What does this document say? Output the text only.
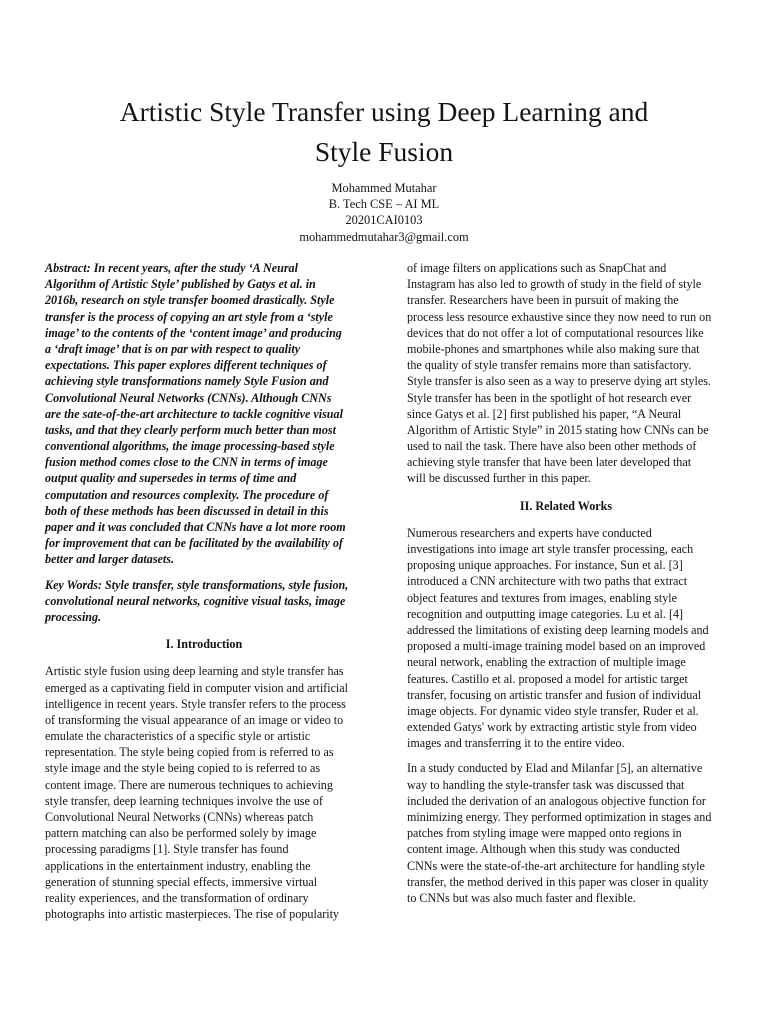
Artistic Style Transfer using Deep Learning and
Style Fusion
Mohammed Mutahar
B. Tech CSE – AI ML
20201CAI0103
mohammedmutahar3@gmail.com
Abstract: In recent years, after the study ‘A Neural
Algorithm of Artistic Style’ published by Gatys et al. in
2016b, research on style transfer boomed drastically. Style
transfer is the process of copying an art style from a ‘style
image’ to the contents of the ‘content image’ and producing
a ‘draft image’ that is on par with respect to quality
expectations. This paper explores different techniques of
achieving style transformations namely Style Fusion and
Convolutional Neural Networks (CNNs). Although CNNs
are the sate-of-the-art architecture to tackle cognitive visual
tasks, and that they clearly perform much better than most
conventional algorithms, the image processing-based style
fusion method comes close to the CNN in terms of image
output quality and supersedes in terms of time and
computation and resources complexity. The procedure of
both of these methods has been discussed in detail in this
paper and it was concluded that CNNs have a lot more room
for improvement that can be facilitated by the availability of
better and larger datasets.
Key Words: Style transfer, style transformations, style fusion,
convolutional neural networks, cognitive visual tasks, image
processing.
I. Introduction
Artistic style fusion using deep learning and style transfer has
emerged as a captivating field in computer vision and artificial
intelligence in recent years. Style transfer refers to the process
of transforming the visual appearance of an image or video to
emulate the characteristics of a specific style or artistic
representation. The style being copied from is referred to as
style image and the style being copied to is referred to as
content image. There are numerous techniques to achieving
style transfer, deep learning techniques involve the use of
Convolutional Neural Networks (CNNs) whereas patch
pattern matching can also be performed solely by image
processing paradigms [1]. Style transfer has found
applications in the entertainment industry, enabling the
generation of stunning special effects, immersive virtual
reality experiences, and the transformation of ordinary
photographs into artistic masterpieces. The rise of popularity
of image filters on applications such as SnapChat and
Instagram has also led to growth of study in the field of style
transfer. Researchers have been in pursuit of making the
process less resource exhaustive since they now need to run on
devices that do not offer a lot of computational resources like
mobile-phones and smartphones while also making sure that
the quality of style transfer remains more than satisfactory.
Style transfer is also seen as a way to preserve dying art styles.
Style transfer has been in the spotlight of hot research ever
since Gatys et al. [2] first published his paper, “A Neural
Algorithm of Artistic Style” in 2015 stating how CNNs can be
used to nail the task. There have also been other methods of
achieving style transfer that have been later developed that
will be discussed further in this paper.
II. Related Works
Numerous researchers and experts have conducted
investigations into image art style transfer processing, each
proposing unique approaches. For instance, Sun et al. [3]
introduced a CNN architecture with two paths that extract
object features and textures from images, enabling style
recognition and outputting image categories. Lu et al. [4]
addressed the limitations of existing deep learning models and
proposed a multi-image training model based on an improved
neural network, enabling the extraction of multiple image
features. Castillo et al. proposed a model for artistic target
transfer, focusing on artistic transfer and fusion of individual
image objects. For dynamic video style transfer, Ruder et al.
extended Gatys' work by extracting artistic style from video
images and transferring it to the entire video.
In a study conducted by Elad and Milanfar [5], an alternative
way to handling the style-transfer task was discussed that
included the derivation of an analogous objective function for
minimizing energy. They performed optimization in stages and
patches from styling image were mapped onto regions in
content image. Although when this study was conducted
CNNs were the state-of-the-art architecture for handling style
transfer, the method derived in this paper was closer in quality
to CNNs but was also much faster and flexible.
